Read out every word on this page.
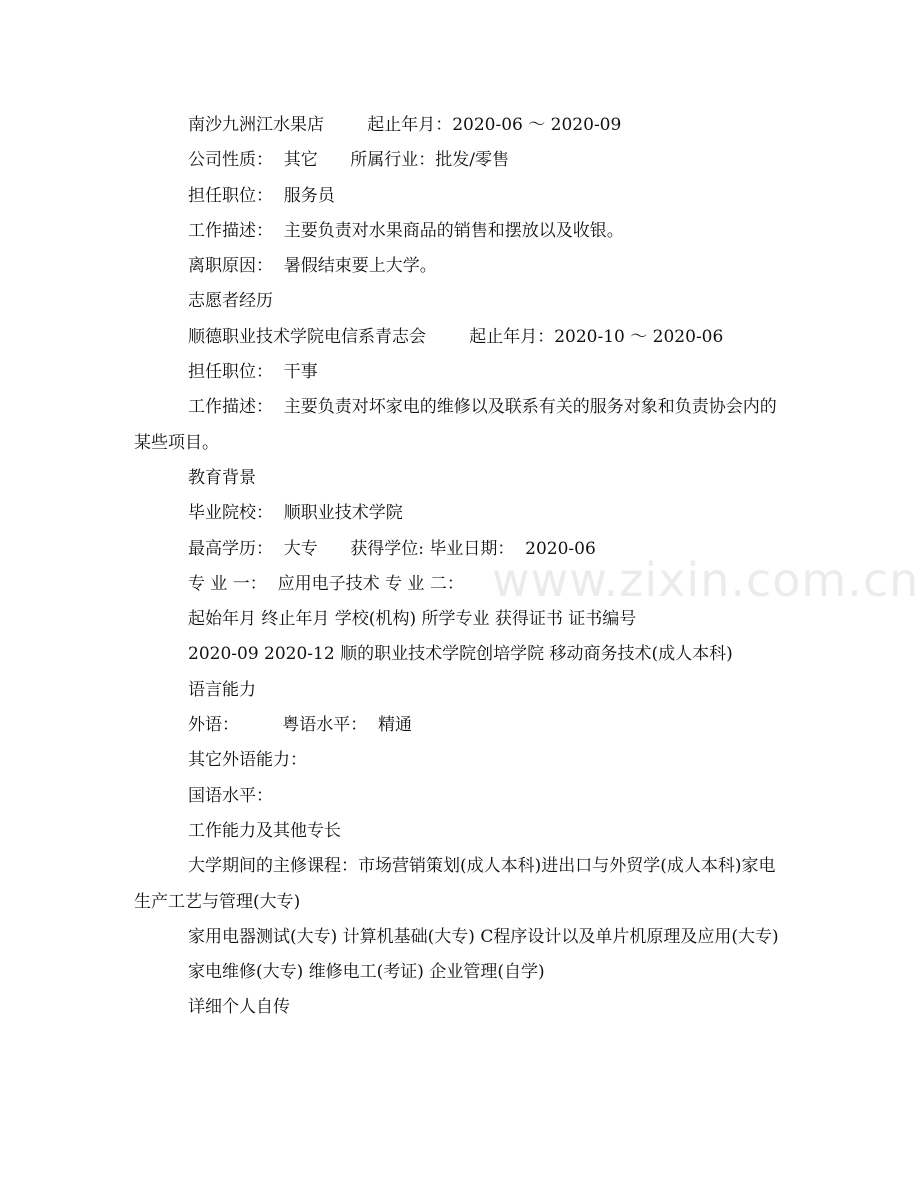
南沙九洲江水果店        起止年月：2020-06 ～ 2020-09

公司性质：  其它      所属行业：批发/零售

担任职位：  服务员

工作描述：  主要负责对水果商品的销售和摆放以及收银。

离职原因：  暑假结束要上大学。

志愿者经历

顺德职业技术学院电信系青志会        起止年月：2020-10 ～ 2020-06

担任职位：  干事

工作描述：  主要负责对坏家电的维修以及联系有关的服务对象和负责协会内的某些项目。

教育背景

毕业院校：  顺职业技术学院

最高学历：  大专      获得学位: 毕业日期：  2020-06

专 业 一：  应用电子技术 专 业 二：

起始年月 终止年月 学校(机构) 所学专业 获得证书 证书编号

2020-09 2020-12 顺的职业技术学院创培学院 移动商务技术(成人本科)

语言能力

外语：        粤语水平：  精通

其它外语能力：

国语水平：

工作能力及其他专长

大学期间的主修课程：市场营销策划(成人本科)进出口与外贸学(成人本科)家电生产工艺与管理(大专)

家用电器测试(大专) 计算机基础(大专) C程序设计以及单片机原理及应用(大专)

家电维修(大专) 维修电工(考证) 企业管理(自学)

详细个人自传

www.zixin.com.cn
